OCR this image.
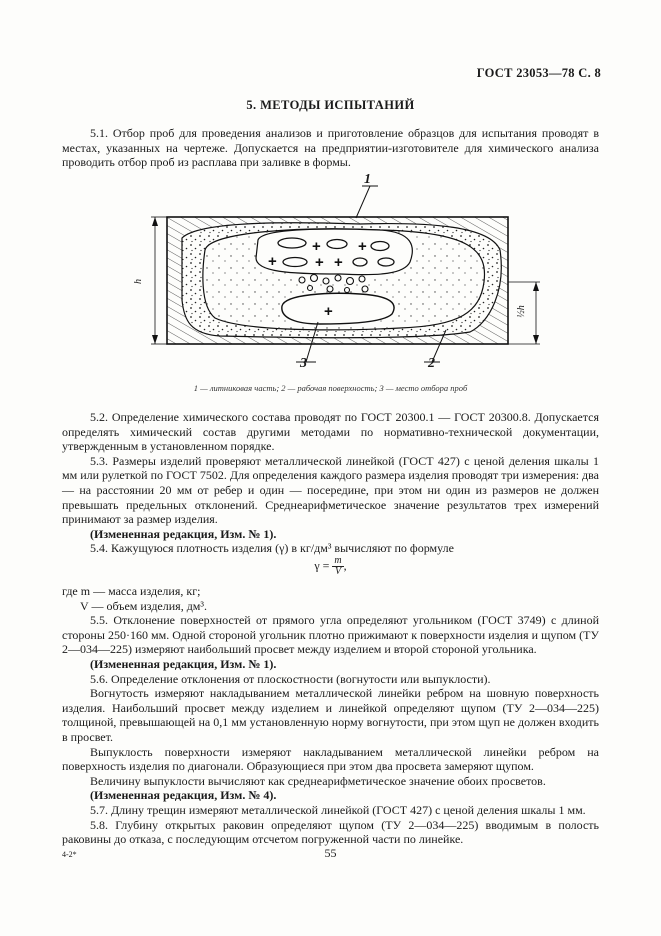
ГОСТ 23053—78 С. 8
5. МЕТОДЫ ИСПЫТАНИЙ

5.1. Отбор проб для проведения анализов и приготовление образцов для испытания проводят в местах, указанных на чертеже. Допускается на предприятии-изготовителе для химического анализа проводить отбор проб из расплава при заливке в формы.

+ +
+	+ +
+
1
3	2
h
½h
1 — литниковая часть; 2 — рабочая поверхность; 3 — место отбора проб

5.2. Определение химического состава проводят по ГОСТ 20300.1 — ГОСТ 20300.8. Допускается определять химический состав другими методами по нормативно-технической документации, утвержденным в установленном порядке.

5.3. Размеры изделий проверяют металлической линейкой (ГОСТ 427) с ценой деления шкалы 1 мм или рулеткой по ГОСТ 7502. Для определения каждого размера изделия проводят три измерения: два — на расстоянии 20 мм от ребер и один — посередине, при этом ни один из размеров не должен превышать предельных отклонений. Среднеарифметическое значение результатов трех измерений принимают за размер изделия.

(Измененная редакция, Изм. № 1).

5.4. Кажущуюся плотность изделия (γ) в кг/дм³ вычисляют по формуле

$\gamma = \frac{m}{V}$ ,

где m — масса изделия, кг;

V — объем изделия, дм³.

5.5. Отклонение поверхностей от прямого угла определяют угольником (ГОСТ 3749) с длиной стороны 250·160 мм. Одной стороной угольник плотно прижимают к поверхности изделия и щупом (ТУ 2—034—225) измеряют наибольший просвет между изделием и второй стороной угольника.

(Измененная редакция, Изм. № 1).

5.6. Определение отклонения от плоскостности (вогнутости или выпуклости).

Вогнутость измеряют накладыванием металлической линейки ребром на шовную поверхность изделия. Наибольший просвет между изделием и линейкой определяют щупом (ТУ 2—034—225) толщиной, превышающей на 0,1 мм установленную норму вогнутости, при этом щуп не должен входить в просвет.

Выпуклость поверхности измеряют накладыванием металлической линейки ребром на поверхность изделия по диагонали. Образующиеся при этом два просвета замеряют щупом.

Величину выпуклости вычисляют как среднеарифметическое значение обоих просветов.

(Измененная редакция, Изм. № 4).

5.7. Длину трещин измеряют металлической линейкой (ГОСТ 427) с ценой деления шкалы 1 мм.

5.8. Глубину открытых раковин определяют щупом (ТУ 2—034—225) вводимым в полость раковины до отказа, с последующим отсчетом погруженной части по линейке.

4-2*	55
